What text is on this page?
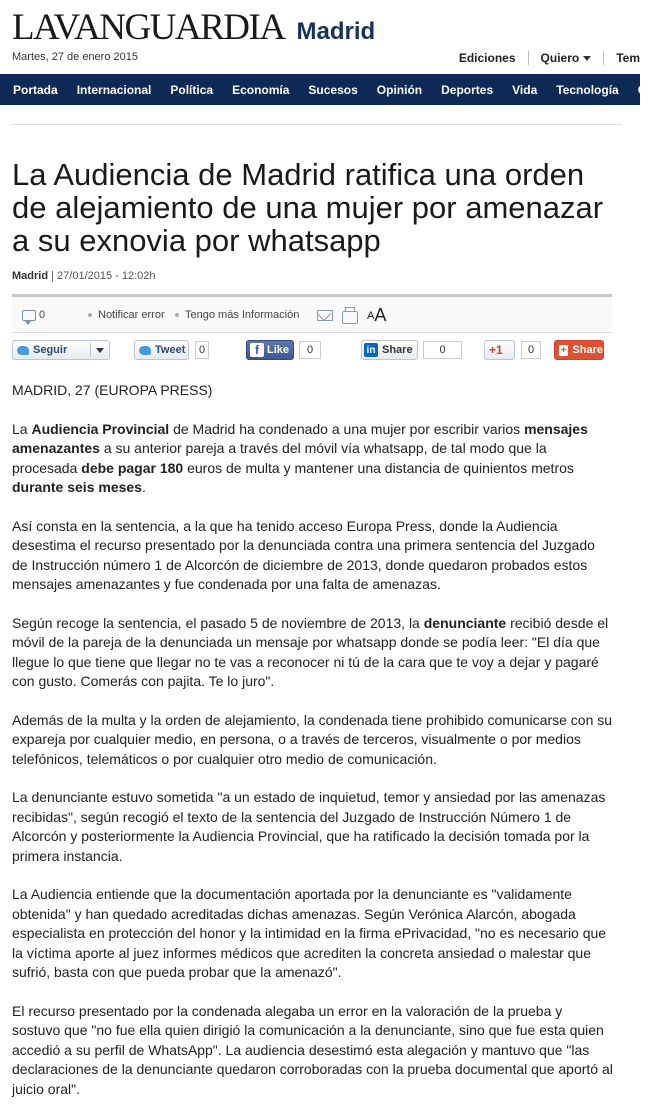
LAVANGUARDIA Madrid
Martes, 27 de enero 2015	Ediciones	Quiero	Tem
Portada	Internacional	Política	Economía	Sucesos	Opinión	Deportes	Vida	Tecnología	Cul
La Audiencia de Madrid ratifica una orden de alejamiento de una mujer por amenazar a su exnovia por whatsapp
Madrid | 27/01/2015 - 12:02h
0	Notificar error Tengo más Información	A A
Seguir	Tweet	0	f Like	0	in Share	0	+1	0	+ Share

MADRID, 27 (EUROPA PRESS)

La Audiencia Provincial de Madrid ha condenado a una mujer por escribir varios mensajes amenazantes a su anterior pareja a través del móvil vía whatsapp, de tal modo que la procesada debe pagar 180 euros de multa y mantener una distancia de quinientos metros durante seis meses.

Así consta en la sentencia, a la que ha tenido acceso Europa Press, donde la Audiencia desestima el recurso presentado por la denunciada contra una primera sentencia del Juzgado de Instrucción número 1 de Alcorcón de diciembre de 2013, donde quedaron probados estos mensajes amenazantes y fue condenada por una falta de amenazas.

Según recoge la sentencia, el pasado 5 de noviembre de 2013, la denunciante recibió desde el móvil de la pareja de la denunciada un mensaje por whatsapp donde se podía leer: "El día que llegue lo que tiene que llegar no te vas a reconocer ni tú de la cara que te voy a dejar y pagaré con gusto. Comerás con pajita. Te lo juro".

Además de la multa y la orden de alejamiento, la condenada tiene prohibido comunicarse con su expareja por cualquier medio, en persona, o a través de terceros, visualmente o por medios telefónicos, telemáticos o por cualquier otro medio de comunicación.

La denunciante estuvo sometida "a un estado de inquietud, temor y ansiedad por las amenazas recibidas", según recogió el texto de la sentencia del Juzgado de Instrucción Número 1 de Alcorcón y posteriormente la Audiencia Provincial, que ha ratificado la decisión tomada por la primera instancia.

La Audiencia entiende que la documentación aportada por la denunciante es "validamente obtenida" y han quedado acreditadas dichas amenazas. Según Verónica Alarcón, abogada especialista en protección del honor y la intimidad en la firma ePrivacidad, "no es necesario que la víctima aporte al juez informes médicos que acrediten la concreta ansiedad o malestar que sufrió, basta con que pueda probar que la amenazó".

El recurso presentado por la condenada alegaba un error en la valoración de la prueba y sostuvo que "no fue ella quien dirigió la comunicación a la denunciante, sino que fue esta quien accedió a su perfil de WhatsApp". La audiencia desestimó esta alegación y mantuvo que "las declaraciones de la denunciante quedaron corroboradas con la prueba documental que aportó al juicio oral".
